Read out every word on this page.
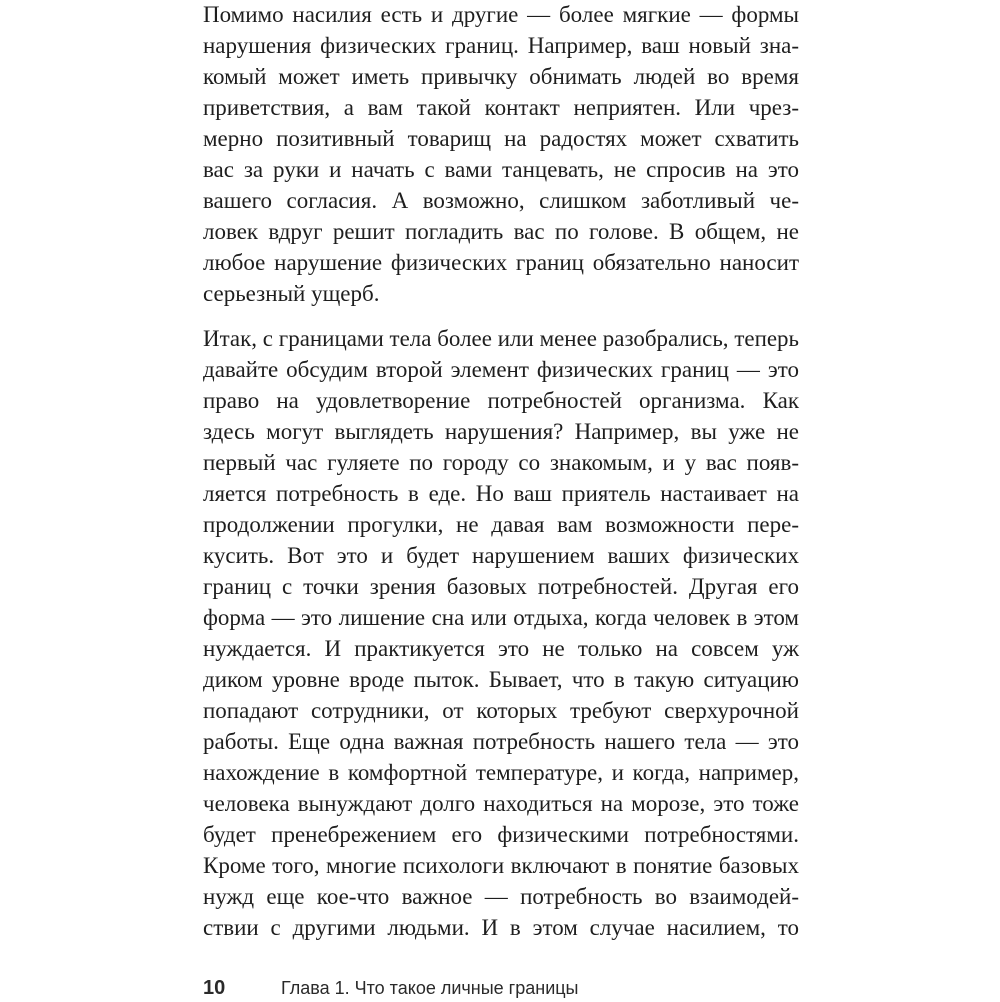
Помимо насилия есть и другие — более мягкие — формы
нарушения физических границ. Например, ваш новый зна-
комый может иметь привычку обнимать людей во время
приветствия, а вам такой контакт неприятен. Или чрез-
мерно позитивный товарищ на радостях может схватить
вас за руки и начать с вами танцевать, не спросив на это
вашего согласия. А возможно, слишком заботливый че-
ловек вдруг решит погладить вас по голове. В общем, не
любое нарушение физических границ обязательно наносит
серьезный ущерб.
Итак, с границами тела более или менее разобрались, теперь
давайте обсудим второй элемент физических границ — это
право на удовлетворение потребностей организма. Как
здесь могут выглядеть нарушения? Например, вы уже не
первый час гуляете по городу со знакомым, и у вас появ-
ляется потребность в еде. Но ваш приятель настаивает на
продолжении прогулки, не давая вам возможности пере-
кусить. Вот это и будет нарушением ваших физических
границ с точки зрения базовых потребностей. Другая его
форма — это лишение сна или отдыха, когда человек в этом
нуждается. И практикуется это не только на совсем уж
диком уровне вроде пыток. Бывает, что в такую ситуацию
попадают сотрудники, от которых требуют сверхурочной
работы. Еще одна важная потребность нашего тела — это
нахождение в комфортной температуре, и когда, например,
человека вынуждают долго находиться на морозе, это тоже
будет пренебрежением его физическими потребностями.
Кроме того, многие психологи включают в понятие базовых
нужд еще кое-что важное — потребность во взаимодей-
ствии с другими людьми. И в этом случае насилием, то
10	Глава 1. Что такое личные границы
